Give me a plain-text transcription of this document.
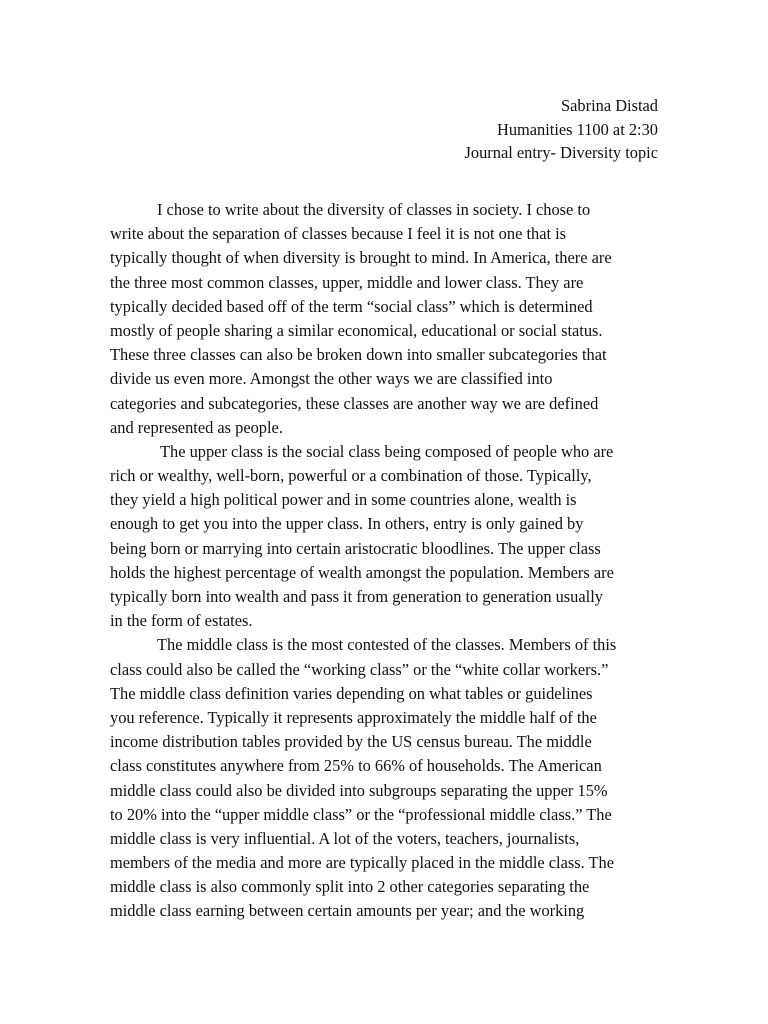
Sabrina Distad
Humanities 1100 at 2:30
Journal entry- Diversity topic
I chose to write about the diversity of classes in society. I chose to
write about the separation of classes because I feel it is not one that is
typically thought of when diversity is brought to mind. In America, there are
the three most common classes, upper, middle and lower class. They are
typically decided based off of the term “social class” which is determined
mostly of people sharing a similar economical, educational or social status.
These three classes can also be broken down into smaller subcategories that
divide us even more. Amongst the other ways we are classified into
categories and subcategories, these classes are another way we are defined
and represented as people.
The upper class is the social class being composed of people who are
rich or wealthy, well-born, powerful or a combination of those. Typically,
they yield a high political power and in some countries alone, wealth is
enough to get you into the upper class. In others, entry is only gained by
being born or marrying into certain aristocratic bloodlines. The upper class
holds the highest percentage of wealth amongst the population. Members are
typically born into wealth and pass it from generation to generation usually
in the form of estates.
The middle class is the most contested of the classes. Members of this
class could also be called the “working class” or the “white collar workers.”
The middle class definition varies depending on what tables or guidelines
you reference. Typically it represents approximately the middle half of the
income distribution tables provided by the US census bureau. The middle
class constitutes anywhere from 25% to 66% of households. The American
middle class could also be divided into subgroups separating the upper 15%
to 20% into the “upper middle class” or the “professional middle class.” The
middle class is very influential. A lot of the voters, teachers, journalists,
members of the media and more are typically placed in the middle class. The
middle class is also commonly split into 2 other categories separating the
middle class earning between certain amounts per year; and the working
